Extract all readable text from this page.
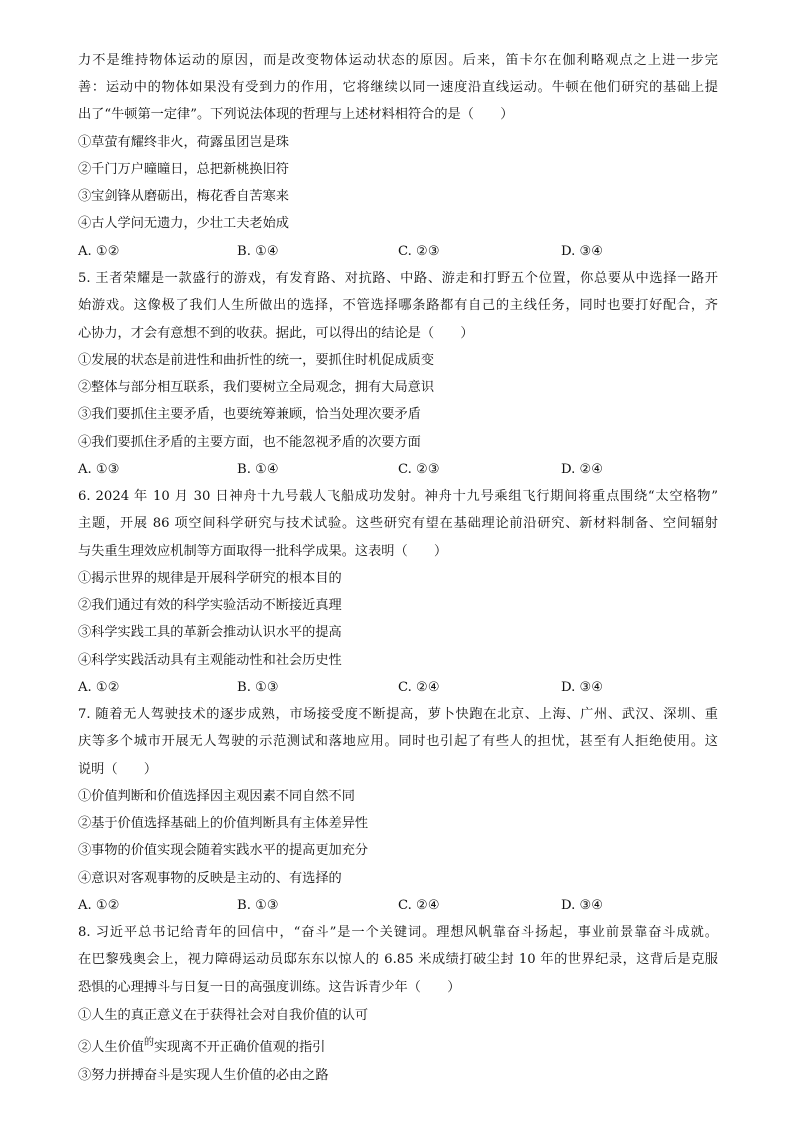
力不是维持物体运动的原因，而是改变物体运动状态的原因。后来，笛卡尔在伽利略观点之上进一步完
善：运动中的物体如果没有受到力的作用，它将继续以同一速度沿直线运动。牛顿在他们研究的基础上提
出了“牛顿第一定律”。下列说法体现的哲理与上述材料相符合的是（　　）
①草萤有耀终非火，荷露虽团岂是珠
②千门万户曈曈日，总把新桃换旧符
③宝剑锋从磨砺出，梅花香自苦寒来
④古人学问无遗力，少壮工夫老始成
A. ①②	B. ①④	C. ②③	D. ③④
5. 王者荣耀是一款盛行的游戏，有发育路、对抗路、中路、游走和打野五个位置，你总要从中选择一路开
始游戏。这像极了我们人生所做出的选择，不管选择哪条路都有自己的主线任务，同时也要打好配合，齐
心协力，才会有意想不到的收获。据此，可以得出的结论是（　　）
①发展的状态是前进性和曲折性的统一，要抓住时机促成质变
②整体与部分相互联系，我们要树立全局观念，拥有大局意识
③我们要抓住主要矛盾，也要统筹兼顾，恰当处理次要矛盾
④我们要抓住矛盾的主要方面，也不能忽视矛盾的次要方面
A. ①③	B. ①④	C. ②③	D. ②④
6. 2024 年 10 月 30 日神舟十九号载人飞船成功发射。神舟十九号乘组飞行期间将重点围绕“太空格物”
主题，开展 86 项空间科学研究与技术试验。这些研究有望在基础理论前沿研究、新材料制备、空间辐射
与失重生理效应机制等方面取得一批科学成果。这表明（　　）
①揭示世界的规律是开展科学研究的根本目的
②我们通过有效的科学实验活动不断接近真理
③科学实践工具的革新会推动认识水平的提高
④科学实践活动具有主观能动性和社会历史性
A. ①②	B. ①③	C. ②④	D. ③④
7. 随着无人驾驶技术的逐步成熟，市场接受度不断提高，萝卜快跑在北京、上海、广州、武汉、深圳、重
庆等多个城市开展无人驾驶的示范测试和落地应用。同时也引起了有些人的担忧，甚至有人拒绝使用。这
说明（　　）
①价值判断和价值选择因主观因素不同自然不同
②基于价值选择基础上的价值判断具有主体差异性
③事物的价值实现会随着实践水平的提高更加充分
④意识对客观事物的反映是主动的、有选择的
A. ①②	B. ①③	C. ②④	D. ③④
8. 习近平总书记给青年的回信中，“奋斗”是一个关键词。理想风帆靠奋斗扬起，事业前景靠奋斗成就。
在巴黎残奥会上，视力障碍运动员邸东东以惊人的 6.85 米成绩打破尘封 10 年的世界纪录，这背后是克服
恐惧的心理搏斗与日复一日的高强度训练。这告诉青少年（　　）
①人生的真正意义在于获得社会对自我价值的认可
②人生价值$^的$实现离不开正确价值观的指引
③努力拼搏奋斗是实现人生价值的必由之路
